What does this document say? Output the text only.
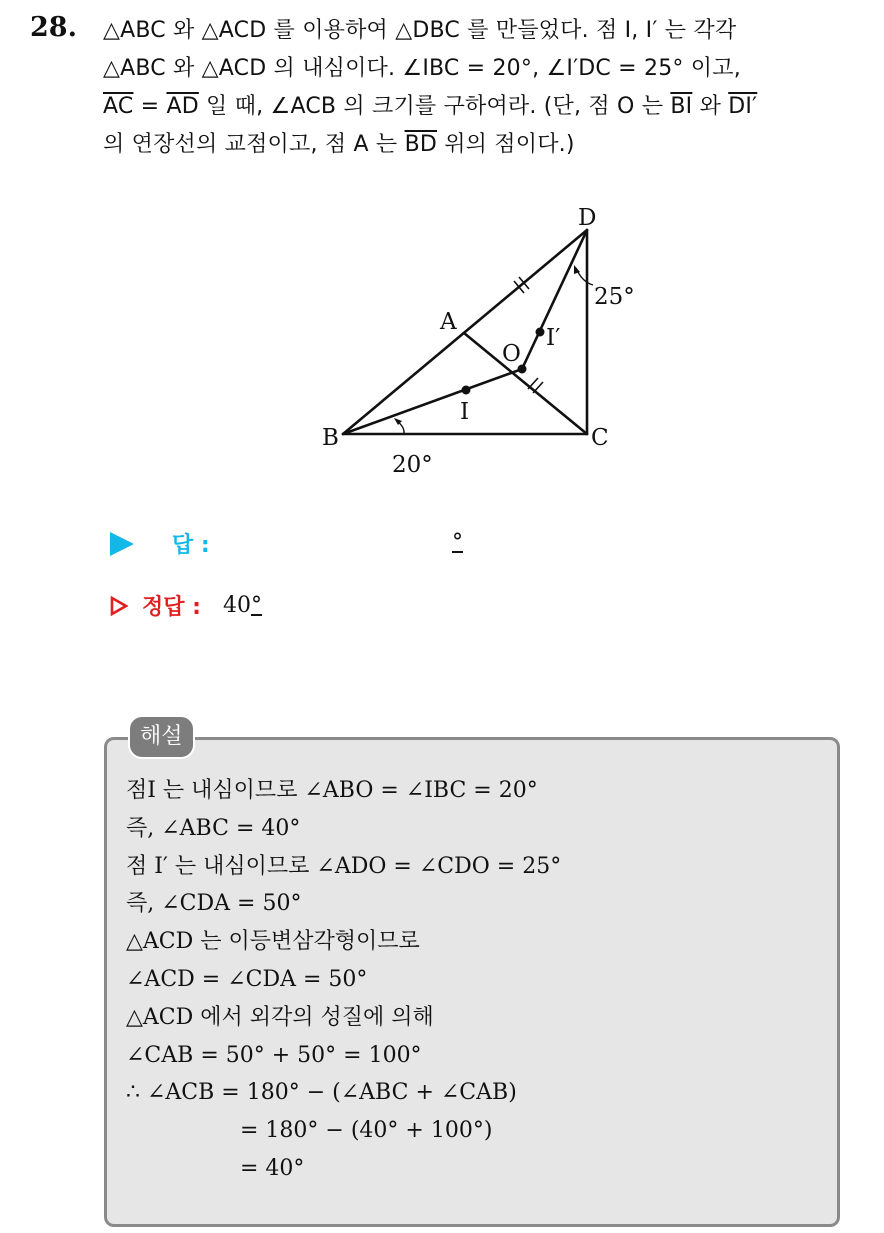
28. △ABC 와 △ACD 를 이용하여 △DBC 를 만들었다. 점 I, I′ 는 각각
△ABC 와 △ACD 의 내심이다. ∠IBC = 20°, ∠I′DC = 25° 이고,
$\overline{AC} = \overline{AD}$ 일 때, ∠ACB 의 크기를 구하여라. (단, 점 O 는 $\overline{BI}$ 와 DI′
의 연장선의 교점이고, 점 A 는 $\overline{BD}$ 위의 점이다.)
D
A
B	C
O
I
I′
20°
25°
답 :	°
정답 : 40°
해설
점I 는 내심이므로 ∠ABO = ∠IBC = 20°
즉, ∠ABC = 40°
점 I′ 는 내심이므로 ∠ADO = ∠CDO = 25°
즉, ∠CDA = 50°
△ACD 는 이등변삼각형이므로
∠ACD = ∠CDA = 50°
△ACD 에서 외각의 성질에 의해
∠CAB = 50° + 50° = 100°
∴ ∠ACB = 180° − (∠ABC + ∠CAB)
= 180° − (40° + 100°)
= 40°
